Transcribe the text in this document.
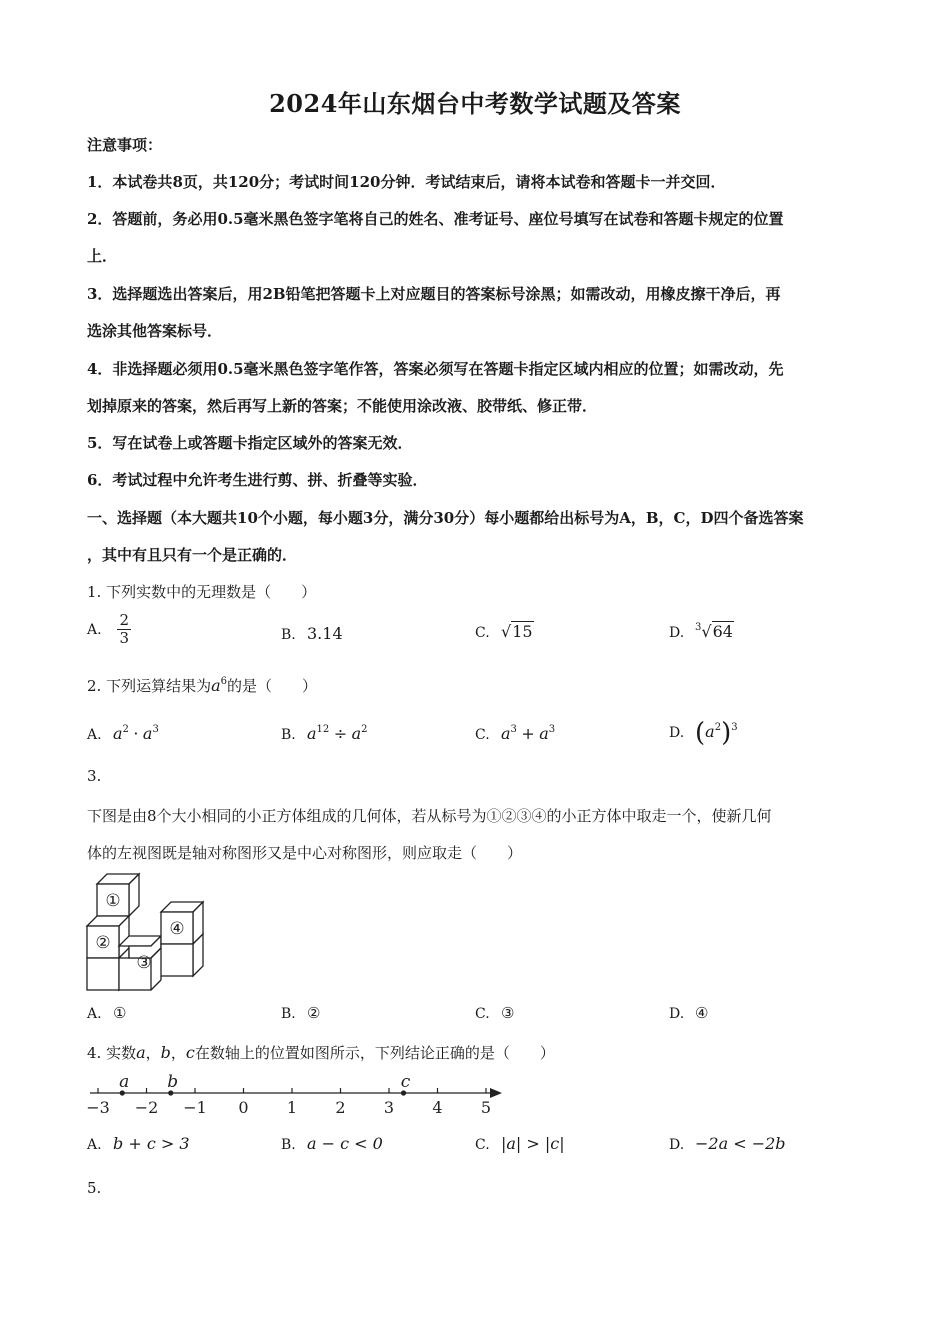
2024年山东烟台中考数学试题及答案
注意事项：
1．本试卷共8页，共120分；考试时间120分钟．考试结束后，请将本试卷和答题卡一并交回．
2．答题前，务必用0.5毫米黑色签字笔将自己的姓名、准考证号、座位号填写在试卷和答题卡规定的位置
上．
3．选择题选出答案后，用2B铅笔把答题卡上对应题目的答案标号涂黑；如需改动，用橡皮擦干净后，再
选涂其他答案标号．
4．非选择题必须用0.5毫米黑色签字笔作答，答案必须写在答题卡指定区域内相应的位置；如需改动，先
划掉原来的答案，然后再写上新的答案；不能使用涂改液、胶带纸、修正带．
5．写在试卷上或答题卡指定区域外的答案无效．
6．考试过程中允许考生进行剪、拼、折叠等实验．
一、选择题（本大题共10个小题，每小题3分，满分30分）每小题都给出标号为A，B，C，D四个备选答案
，其中有且只有一个是正确的．
1. 下列实数中的无理数是（　　）
A. $\frac{2}{3}$	B. 3.14	C. √15	D. $^3$√64
2. 下列运算结果为$a^6$的是（　　）
A. $a^2 \cdot a^3$	B. $a^{12} \div a^2$	C. $a^3 + a^3$	D. $(a^2)^3$
3.
下图是由8个大小相同的小正方体组成的几何体，若从标号为①②③④的小正方体中取走一个，使新几何
体的左视图既是轴对称图形又是中心对称图形，则应取走（　　）
①
②
③
④
A. ①	B. ②	C. ③	D. ④
4. 实数a，b，c在数轴上的位置如图所示，下列结论正确的是（　　）
−3 −2 −1 0 1 2 3 4 5
a b	c
A. b + c > 3	B. a − c < 0	C. |a| > |c|	D. −2a < −2b
5.
